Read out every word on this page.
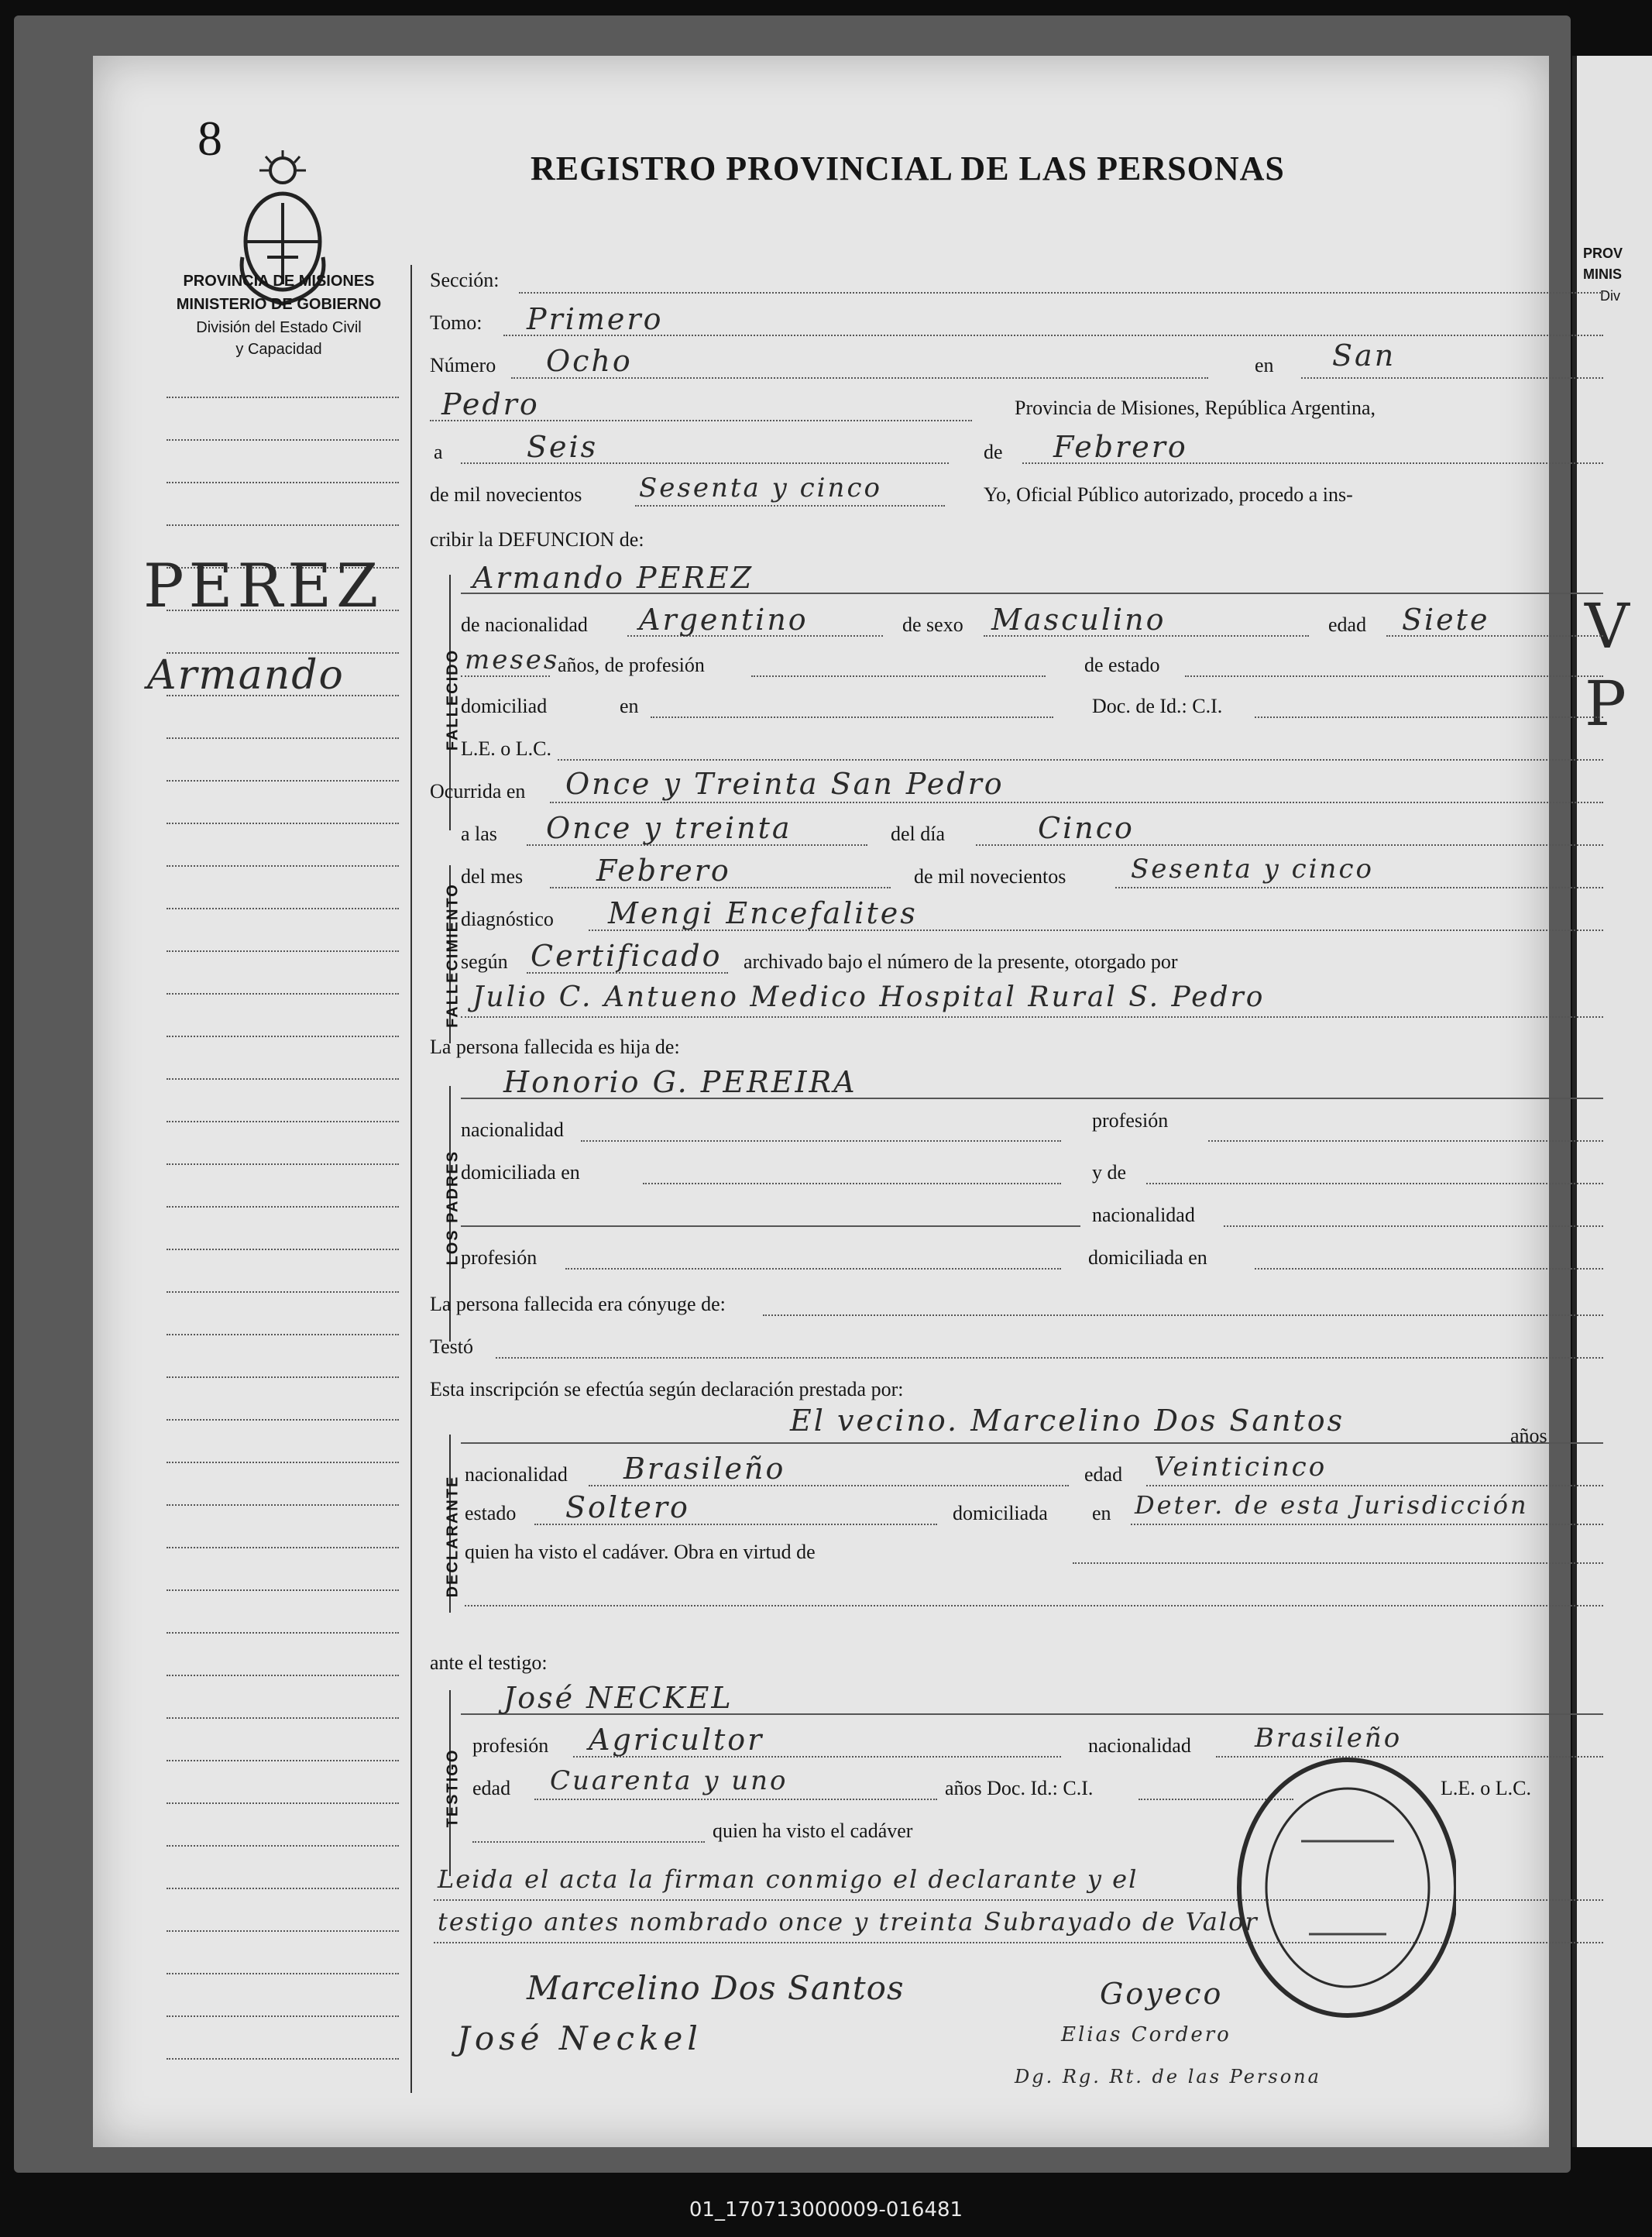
PROV
MINIS
Div
V
P
8
REGISTRO PROVINCIAL DE LAS PERSONAS
PROVINCIA DE MISIONES
MINISTERIO DE GOBIERNO
División del Estado Civil
y Capacidad
PEREZ
Armando	FALLECIDO
FALLECIMIENTO
LOS PADRES
DECLARANTE
TESTIGO
Sección:
Tomo: Primero
Número Ocho	en San
Pedro	Provincia de Misiones, República Argentina,
a	Seis	de Febrero
de mil novecientos Sesenta y cinco	Yo, Oficial Público autorizado, procedo a ins-
cribir la DEFUNCION de:
Armando PEREZ
de nacionalidad Argentino	de sexo Masculino	edad Siete
meses
años, de profesión	de estado
domiciliad	en	Doc. de Id.: C.I.
L.E. o L.C.
Ocurrida en Once y Treinta San Pedro
a las Once y treinta	del día	Cinco
del mes Febrero	de mil novecientos Sesenta y cinco
diagnóstico Mengi Encefalites
según Certificado archivado bajo el número de la presente, otorgado por
Julio C. Antueno Medico Hospital Rural S. Pedro
La persona fallecida es hija de:
Honorio G. PEREIRA
nacionalidad	profesión
domiciliada en	y de
nacionalidad
profesión	domiciliada en
La persona fallecida era cónyuge de:
Testó
Esta inscripción se efectúa según declaración prestada por:
El vecino. Marcelino Dos Santos	años
nacionalidad Brasileño	edad Veinticinco
estado Soltero	domiciliada en Deter. de esta Jurisdicción
quien ha visto el cadáver. Obra en virtud de
ante el testigo:
José NECKEL
profesión Agricultor	nacionalidad Brasileño
edad Cuarenta y uno	años Doc. Id.: C.I.	L.E. o L.C.
quien ha visto el cadáver
Leida el acta la firman conmigo el declarante y el
testigo antes nombrado once y treinta Subrayado de Valor
Marcelino Dos Santos
José Neckel
Goyeco
Elias Cordero
Dg. Rg. Rt. de las Persona
01_170713000009-016481
